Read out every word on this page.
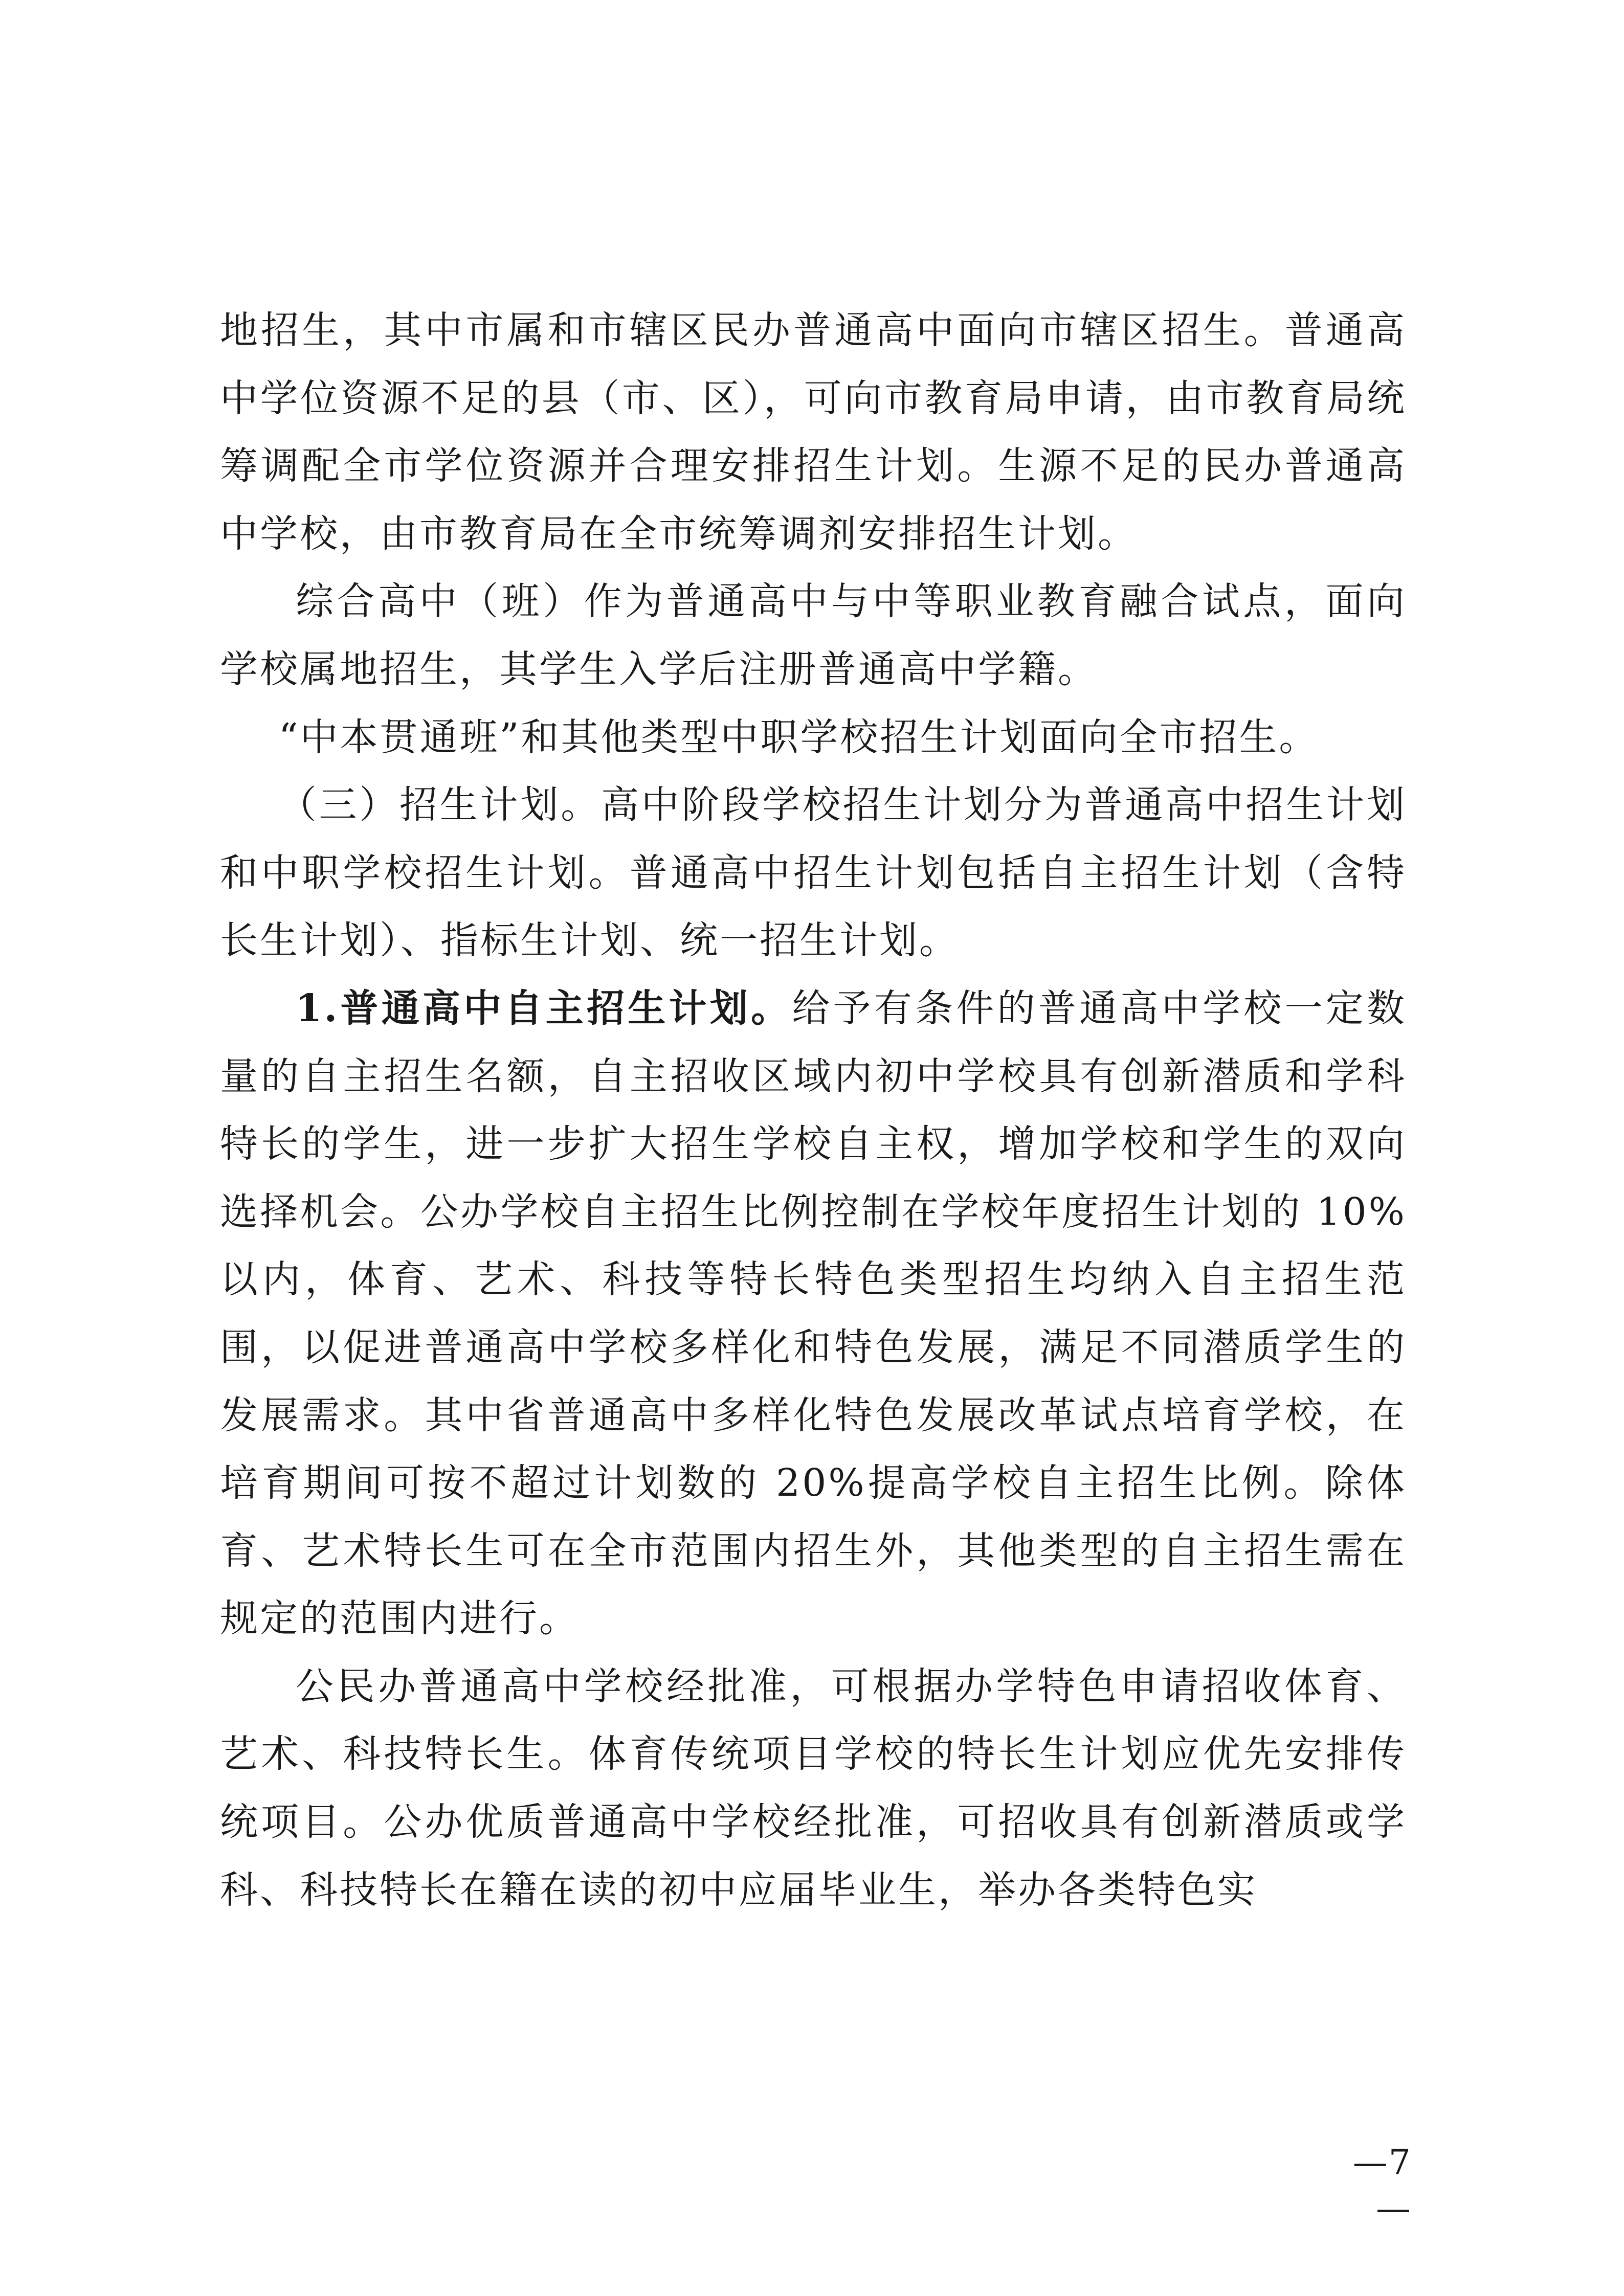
地招生，其中市属和市辖区民办普通高中面向市辖区招生。普通高中学位资源不足的县（市、区），可向市教育局申请，由市教育局统筹调配全市学位资源并合理安排招生计划。生源不足的民办普通高中学校，由市教育局在全市统筹调剂安排招生计划。

综合高中（班）作为普通高中与中等职业教育融合试点，面向学校属地招生，其学生入学后注册普通高中学籍。

“中本贯通班”和其他类型中职学校招生计划面向全市招生。

（三）招生计划。高中阶段学校招生计划分为普通高中招生计划和中职学校招生计划。普通高中招生计划包括自主招生计划（含特长生计划）、指标生计划、统一招生计划。

1.普通高中自主招生计划。给予有条件的普通高中学校一定数量的自主招生名额，自主招收区域内初中学校具有创新潜质和学科特长的学生，进一步扩大招生学校自主权，增加学校和学生的双向选择机会。公办学校自主招生比例控制在学校年度招生计划的 10%以内，体育、艺术、科技等特长特色类型招生均纳入自主招生范围，以促进普通高中学校多样化和特色发展，满足不同潜质学生的发展需求。其中省普通高中多样化特色发展改革试点培育学校，在培育期间可按不超过计划数的 20%提高学校自主招生比例。除体育、艺术特长生可在全市范围内招生外，其他类型的自主招生需在规定的范围内进行。

公民办普通高中学校经批准，可根据办学特色申请招收体育、艺术、科技特长生。体育传统项目学校的特长生计划应优先安排传统项目。公办优质普通高中学校经批准，可招收具有创新潜质或学科、科技特长在籍在读的初中应届毕业生，举办各类特色实

—7—
